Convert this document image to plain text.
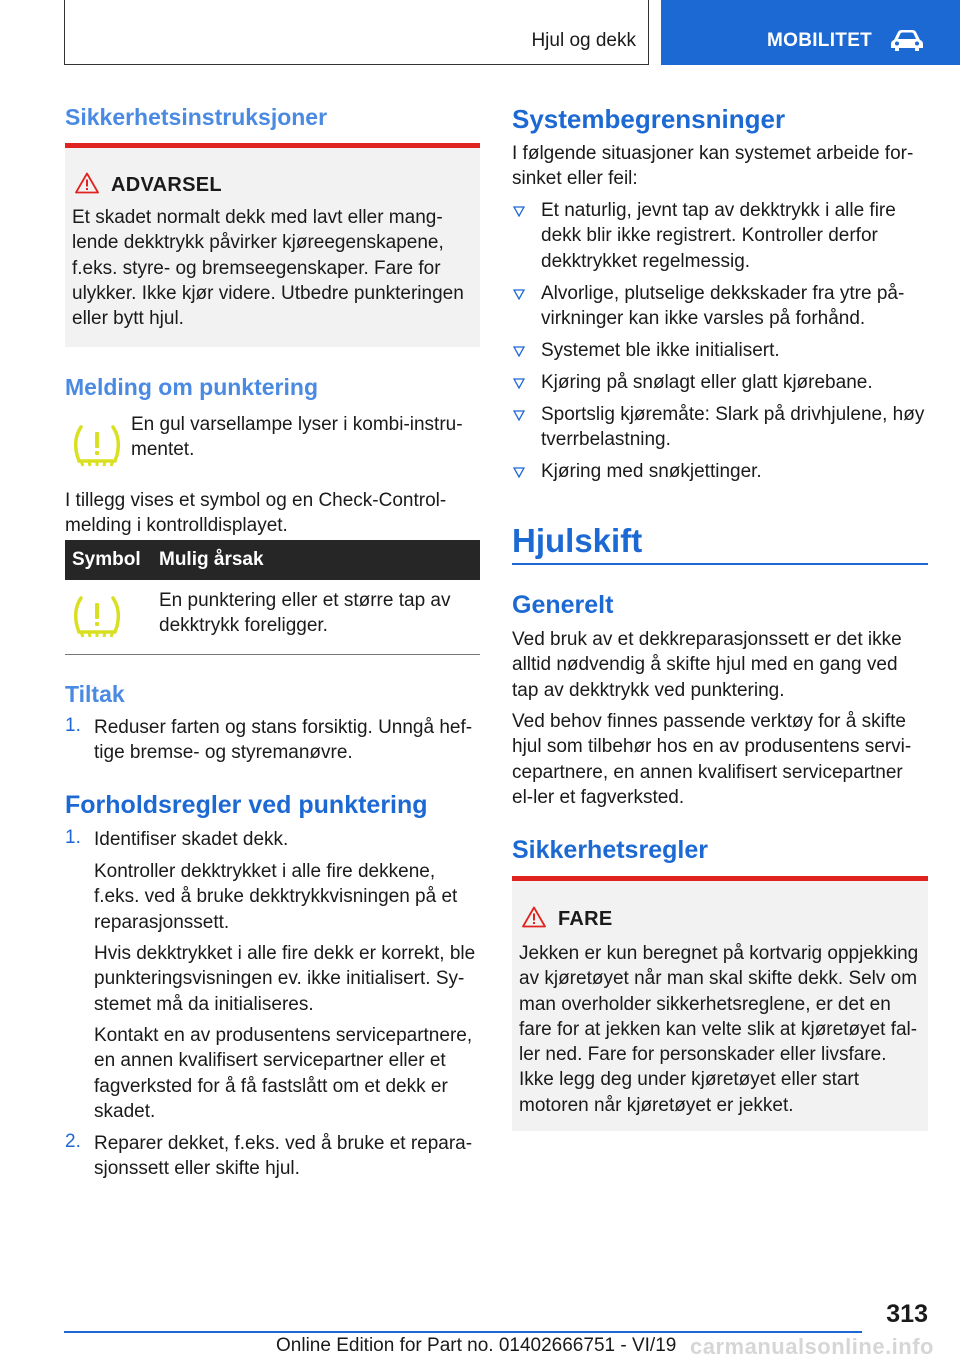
Hjul og dekk	MOBILITET
Sikkerhetsinstruksjoner
ADVARSEL
Et skadet normalt dekk med lavt eller mang-lende dekktrykk påvirker kjøreegenskapene, f.eks. styre- og bremseegenskaper. Fare for ulykker. Ikke kjør videre. Utbedre punkteringen eller bytt hjul.
Melding om punktering
En gul varsellampe lyser i kombi-instru-mentet.
I tillegg vises et symbol og en Check-Control-melding i kontrolldisplayet.
Symbol Mulig årsak
En punktering eller et større tap av dekktrykk foreligger.
Tiltak
1. Reduser farten og stans forsiktig. Unngå hef-tige bremse- og styremanøvre.
Forholdsregler ved punktering
1. Identifiser skadet dekk.
Kontroller dekktrykket i alle fire dekkene, f.eks. ved å bruke dekktrykkvisningen på et reparasjonssett.
Hvis dekktrykket i alle fire dekk er korrekt, ble punkteringsvisningen ev. ikke initialisert. Sy-stemet må da initialiseres.
Kontakt en av produsentens servicepartnere, en annen kvalifisert servicepartner eller et fagverksted for å få fastslått om et dekk er skadet.
2. Reparer dekket, f.eks. ved å bruke et repara-sjonssett eller skifte hjul.
Systembegrensninger
I følgende situasjoner kan systemet arbeide for-sinket eller feil:
Et naturlig, jevnt tap av dekktrykk i alle fire dekk blir ikke registrert. Kontroller derfor dekktrykket regelmessig.
Alvorlige, plutselige dekkskader fra ytre på-virkninger kan ikke varsles på forhånd.
Systemet ble ikke initialisert.
Kjøring på snølagt eller glatt kjørebane.
Sportslig kjøremåte: Slark på drivhjulene, høy tverrbelastning.
Kjøring med snøkjettinger.
Hjulskift
Generelt
Ved bruk av et dekkreparasjonssett er det ikke alltid nødvendig å skifte hjul med en gang ved tap av dekktrykk ved punktering.
Ved behov finnes passende verktøy for å skifte hjul som tilbehør hos en av produsentens servi-cepartnere, en annen kvalifisert servicepartner el-ler et fagverksted.
Sikkerhetsregler
FARE
Jekken er kun beregnet på kortvarig oppjekking av kjøretøyet når man skal skifte dekk. Selv om man overholder sikkerhetsreglene, er det en fare for at jekken kan velte slik at kjøretøyet fal-ler ned. Fare for personskader eller livsfare. Ikke legg deg under kjøretøyet eller start motoren når kjøretøyet er jekket.
313
Online Edition for Part no. 01402666751 - VI/19 carmanualsonline.info
